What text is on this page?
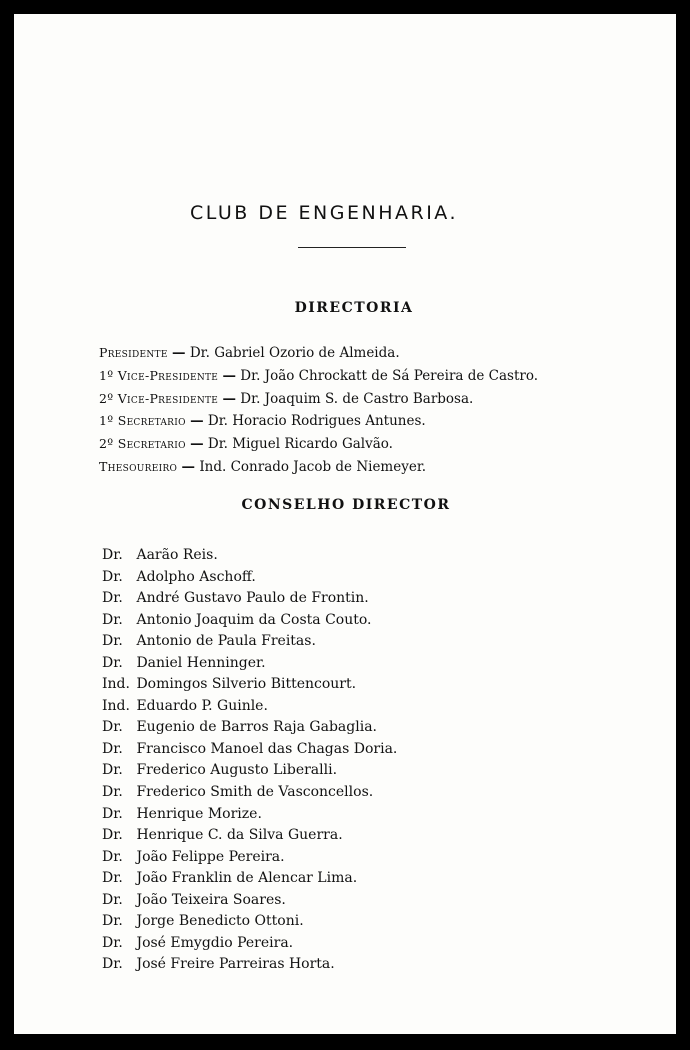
CLUB DE ENGENHARIA.
DIRECTORIA
Presidente — Dr. Gabriel Ozorio de Almeida.
1º Vice-Presidente — Dr. João Chrockatt de Sá Pereira de Castro.
2º Vice-Presidente — Dr. Joaquim S. de Castro Barbosa.
1º Secretario — Dr. Horacio Rodrigues Antunes.
2º Secretario — Dr. Miguel Ricardo Galvão.
Thesoureiro — Ind. Conrado Jacob de Niemeyer.
CONSELHO DIRECTOR
Dr. Aarão Reis.
Dr. Adolpho Aschoff.
Dr. André Gustavo Paulo de Frontin.
Dr. Antonio Joaquim da Costa Couto.
Dr. Antonio de Paula Freitas.
Dr. Daniel Henninger.
Ind. Domingos Silverio Bittencourt.
Ind. Eduardo P. Guinle.
Dr. Eugenio de Barros Raja Gabaglia.
Dr. Francisco Manoel das Chagas Doria.
Dr. Frederico Augusto Liberalli.
Dr. Frederico Smith de Vasconcellos.
Dr. Henrique Morize.
Dr. Henrique C. da Silva Guerra.
Dr. João Felippe Pereira.
Dr. João Franklin de Alencar Lima.
Dr. João Teixeira Soares.
Dr. Jorge Benedicto Ottoni.
Dr. José Emygdio Pereira.
Dr. José Freire Parreiras Horta.
